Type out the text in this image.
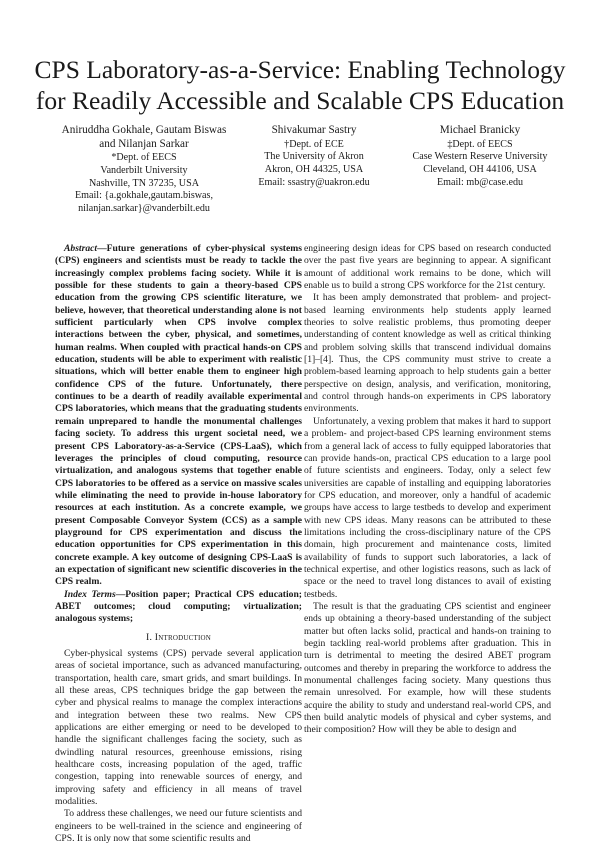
CPS Laboratory-as-a-Service: Enabling Technology for Readily Accessible and Scalable CPS Education
Aniruddha Gokhale, Gautam Biswas and Nilanjan Sarkar
*Dept. of EECS
Vanderbilt University
Nashville, TN 37235, USA
Email: {a.gokhale,gautam.biswas,
nilanjan.sarkar}@vanderbilt.edu
Shivakumar Sastry
†Dept. of ECE
The University of Akron
Akron, OH 44325, USA
Email: ssastry@uakron.edu
Michael Branicky
‡Dept. of EECS
Case Western Reserve University
Cleveland, OH 44106, USA
Email: mb@case.edu

Abstract—Future generations of cyber-physical systems (CPS) engineers and scientists must be ready to tackle the increasingly complex problems facing society. While it is possible for these students to gain a theory-based CPS education from the growing CPS scientific literature, we believe, however, that theoretical understanding alone is not sufficient particularly when CPS involve complex interactions between the cyber, physical, and sometimes, human realms. When coupled with practical hands-on CPS education, students will be able to experiment with realistic situations, which will better enable them to engineer high confidence CPS of the future. Unfortunately, there continues to be a dearth of readily available experimental CPS laboratories, which means that the graduating students remain unprepared to handle the monumental challenges facing society. To address this urgent societal need, we present CPS Laboratory-as-a-Service (CPS-LaaS), which leverages the principles of cloud computing, resource virtualization, and analogous systems that together enable CPS laboratories to be offered as a service on massive scales while eliminating the need to provide in-house laboratory resources at each institution. As a concrete example, we present Composable Conveyor System (CCS) as a sample playground for CPS experimentation and discuss the education opportunities for CPS experimentation in this concrete example. A key outcome of designing CPS-LaaS is an expectation of significant new scientific discoveries in the CPS realm.

Index Terms—Position paper; Practical CPS education; ABET outcomes; cloud computing; virtualization; analogous systems;

I. Introduction

Cyber-physical systems (CPS) pervade several application areas of societal importance, such as advanced manufacturing, transportation, health care, smart grids, and smart buildings. In all these areas, CPS techniques bridge the gap between the cyber and physical realms to manage the complex interactions and integration between these two realms. New CPS applications are either emerging or need to be developed to handle the significant challenges facing the society, such as dwindling natural resources, greenhouse emissions, rising healthcare costs, increasing population of the aged, traffic congestion, tapping into renewable sources of energy, and improving safety and efficiency in all means of travel modalities.

To address these challenges, we need our future scientists and engineers to be well-trained in the science and engineering of CPS. It is only now that some scientific results and

engineering design ideas for CPS based on research conducted over the past five years are beginning to appear. A significant amount of additional work remains to be done, which will enable us to build a strong CPS workforce for the 21st century.

It has been amply demonstrated that problem- and project-based learning environments help students apply learned theories to solve realistic problems, thus promoting deeper understanding of content knowledge as well as critical thinking and problem solving skills that transcend individual domains [1]–[4]. Thus, the CPS community must strive to create a problem-based learning approach to help students gain a better perspective on design, analysis, and verification, monitoring, and control through hands-on experiments in CPS laboratory environments.

Unfortunately, a vexing problem that makes it hard to support a problem- and project-based CPS learning environment stems from a general lack of access to fully equipped laboratories that can provide hands-on, practical CPS education to a large pool of future scientists and engineers. Today, only a select few universities are capable of installing and equipping laboratories for CPS education, and moreover, only a handful of academic groups have access to large testbeds to develop and experiment with new CPS ideas. Many reasons can be attributed to these limitations including the cross-disciplinary nature of the CPS domain, high procurement and maintenance costs, limited availability of funds to support such laboratories, a lack of technical expertise, and other logistics reasons, such as lack of space or the need to travel long distances to avail of existing testbeds.

The result is that the graduating CPS scientist and engineer ends up obtaining a theory-based understanding of the subject matter but often lacks solid, practical and hands-on training to begin tackling real-world problems after graduation. This in turn is detrimental to meeting the desired ABET program outcomes and thereby in preparing the workforce to address the monumental challenges facing society. Many questions thus remain unresolved. For example, how will these students acquire the ability to study and understand real-world CPS, and then build analytic models of physical and cyber systems, and their composition? How will they be able to design and
